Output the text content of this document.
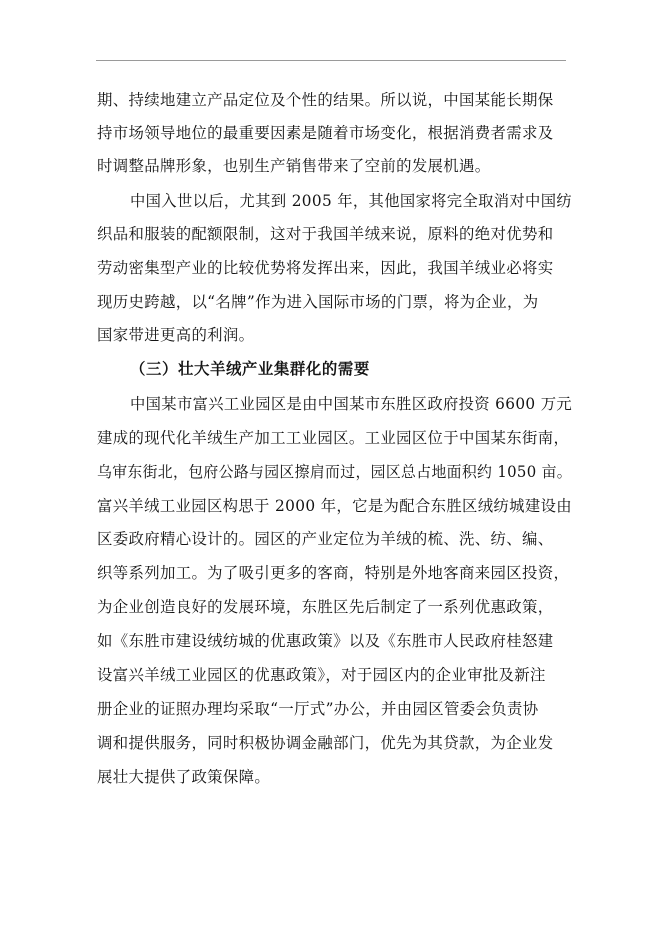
期、持续地建立产品定位及个性的结果。所以说，中国某能长期保
持市场领导地位的最重要因素是随着市场变化，根据消费者需求及
时调整品牌形象，也别生产销售带来了空前的发展机遇。
中国入世以后，尤其到 2005 年，其他国家将完全取消对中国纺
织品和服装的配额限制，这对于我国羊绒来说，原料的绝对优势和
劳动密集型产业的比较优势将发挥出来，因此，我国羊绒业必将实
现历史跨越，以“名牌”作为进入国际市场的门票，将为企业，为
国家带进更高的利润。
（三）壮大羊绒产业集群化的需要
中国某市富兴工业园区是由中国某市东胜区政府投资 6600 万元
建成的现代化羊绒生产加工工业园区。工业园区位于中国某东街南，
乌审东街北，包府公路与园区擦肩而过，园区总占地面积约 1050 亩。
富兴羊绒工业园区构思于 2000 年，它是为配合东胜区绒纺城建设由
区委政府精心设计的。园区的产业定位为羊绒的梳、洗、纺、编、
织等系列加工。为了吸引更多的客商，特别是外地客商来园区投资，
为企业创造良好的发展环境，东胜区先后制定了一系列优惠政策，
如《东胜市建设绒纺城的优惠政策》以及《东胜市人民政府桂怒建
设富兴羊绒工业园区的优惠政策》，对于园区内的企业审批及新注
册企业的证照办理均采取“一厅式”办公，并由园区管委会负责协
调和提供服务，同时积极协调金融部门，优先为其贷款，为企业发
展壮大提供了政策保障。
